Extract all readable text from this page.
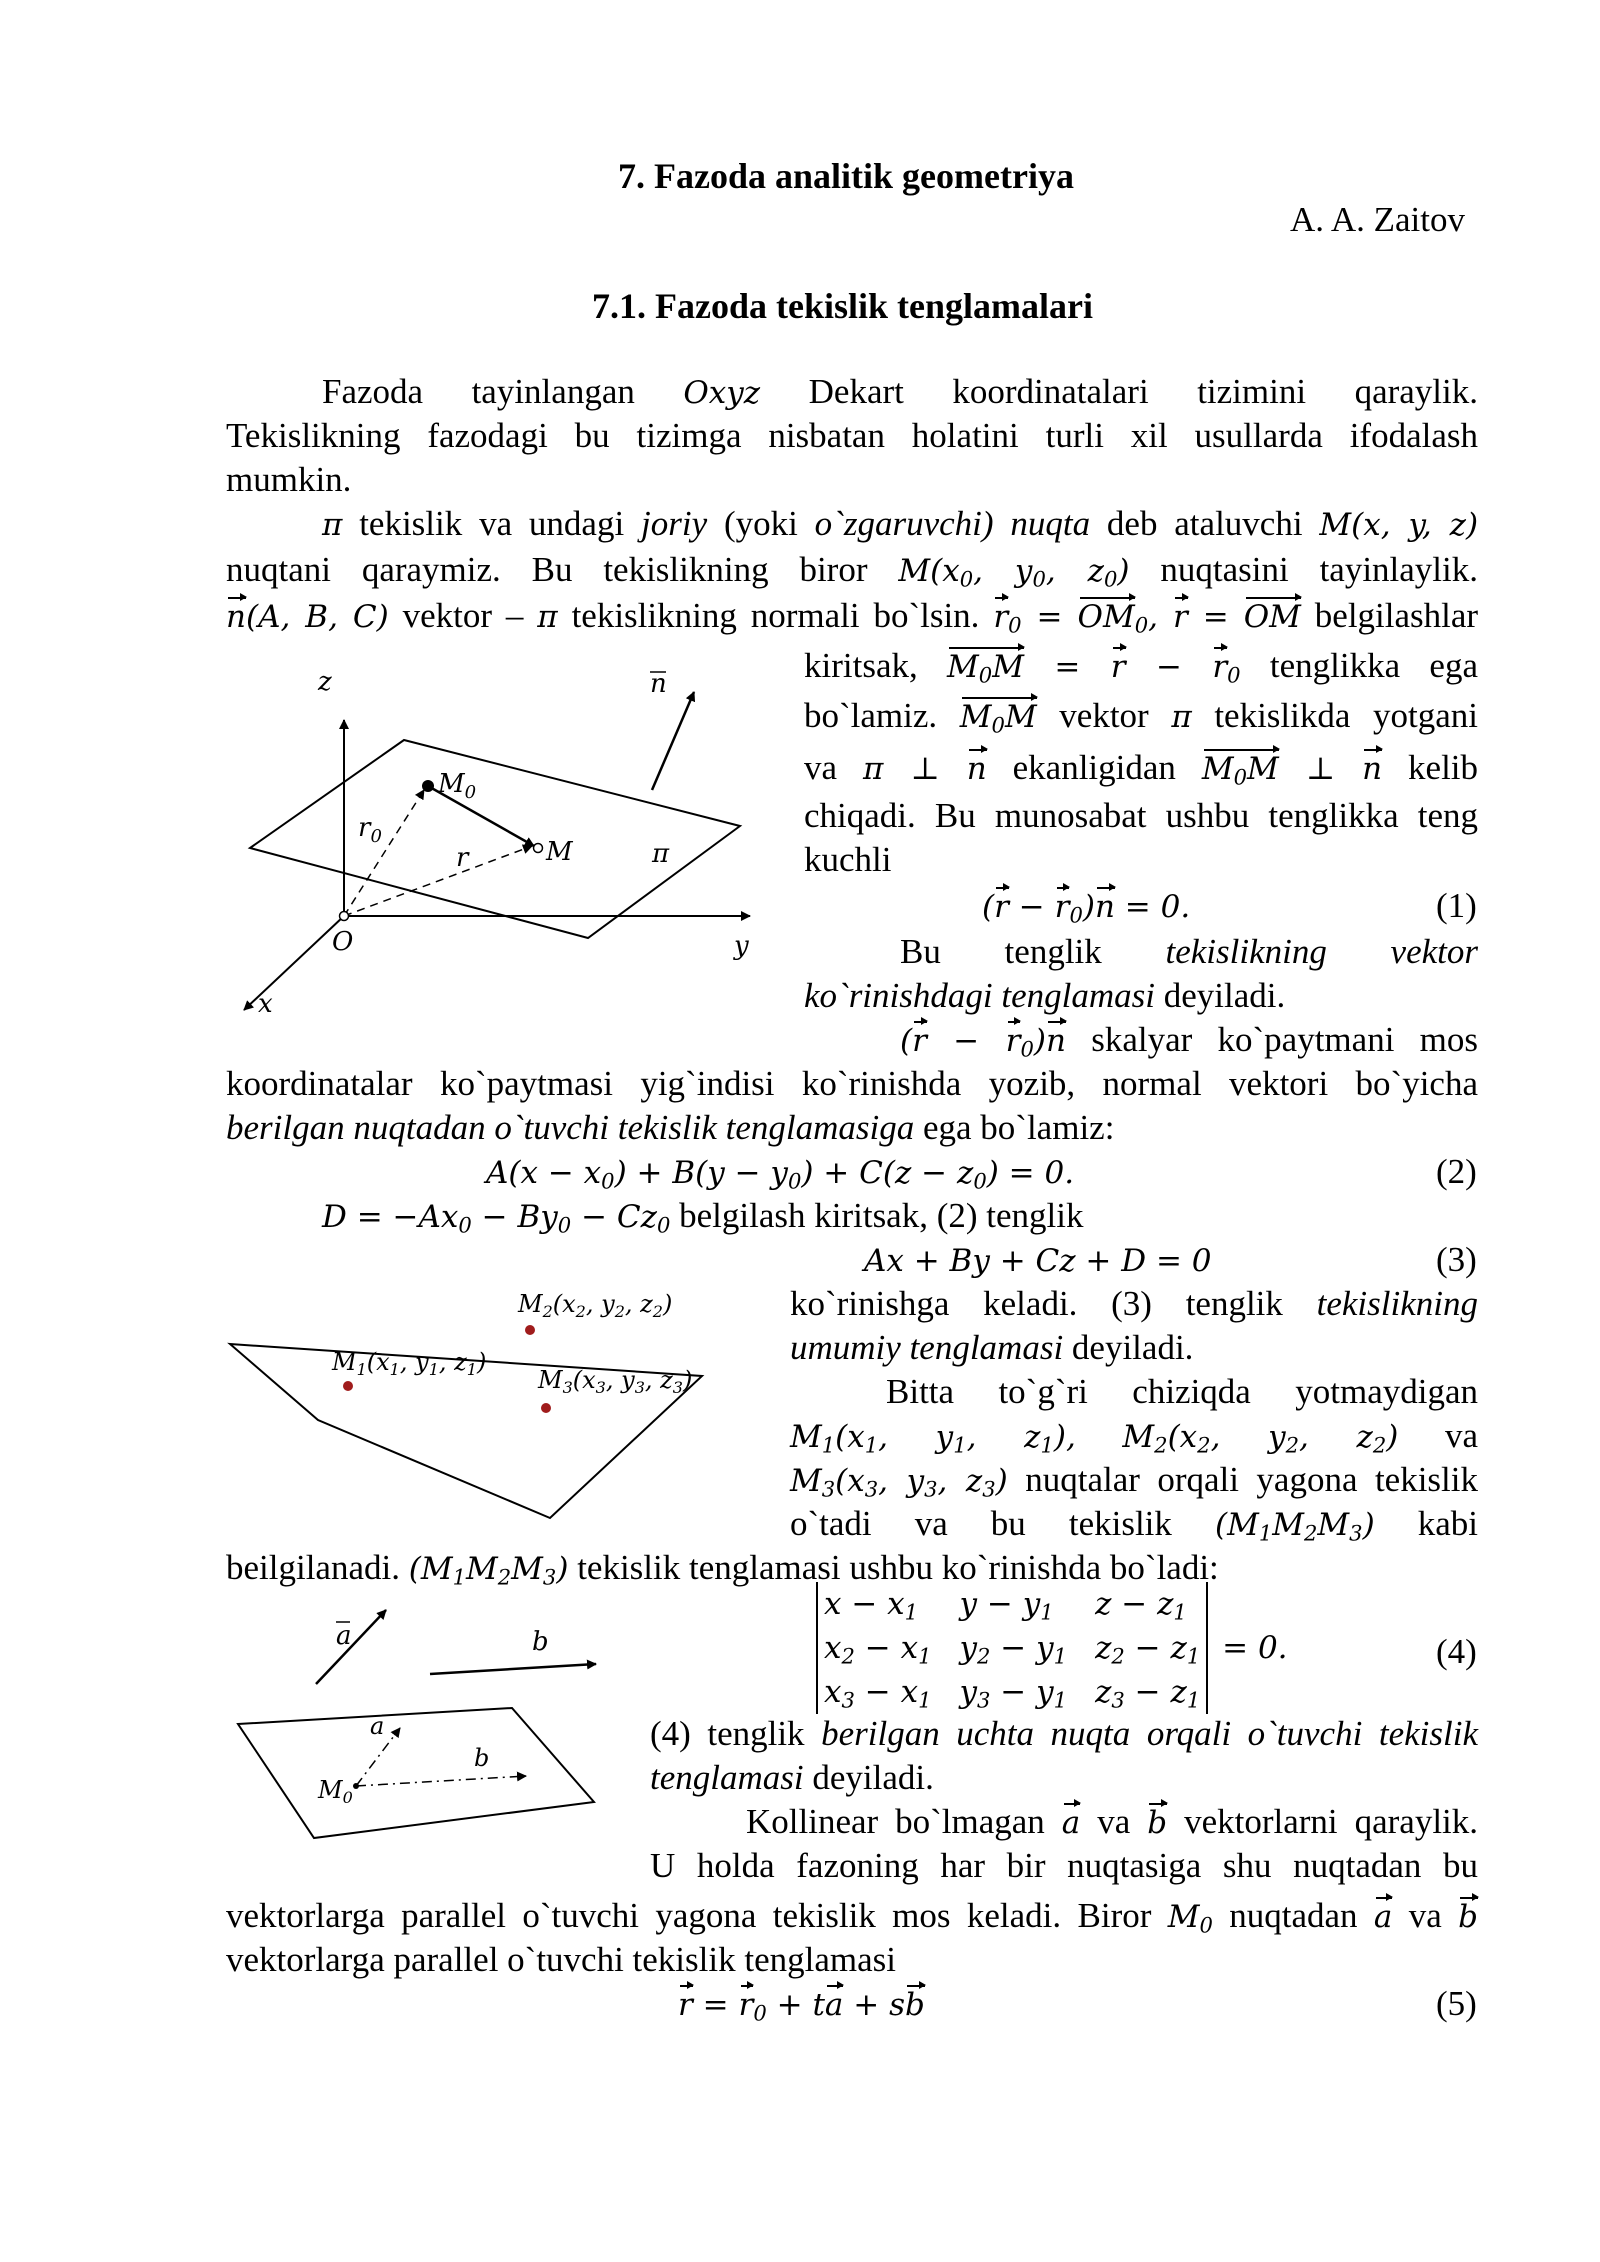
7. Fazoda analitik geometriya
A. A. Zaitov
7.1. Fazoda tekislik tenglamalari
Fazoda tayinlangan Oxyz Dekart koordinatalari tizimini qaraylik.
Tekislikning fazodagi bu tizimga nisbatan holatini turli xil usullarda ifodalash
mumkin.
π tekislik va undagi joriy (yoki o`zgaruvchi) nuqta deb ataluvchi M(x, y, z)
nuqtani qaraymiz. Bu tekislikning biror $M(x_0$, $y_0$, $z_0$) nuqtasini tayinlaylik.
n(A, B, C) vektor – π tekislikning normali bo`lsin. $r_0 = OM_0$, r = OM belgilashlar
kiritsak, $M_0M = r - r_0$ tenglikka ega
bo`lamiz. $M_0M$ vektor π tekislikda yotgani
va π ⊥ n ekanligidan $M_0M$ ⊥ n kelib
chiqadi. Bu munosabat ushbu tenglikka teng
kuchli
$(r - r_0)n = 0$.	(1)
Bu tenglik tekislikning vektor
ko`rinishdagi tenglamasi deyiladi.
$(r - r_0)n$ skalyar ko`paytmani mos
koordinatalar ko`paytmasi yig`indisi ko`rinishda yozib, normal vektori bo`yicha
berilgan nuqtadan o`tuvchi tekislik tenglamasiga ega bo`lamiz:
$A(x - x_0) + B(y - y_0) + C(z - z_0) = 0$.	(2)
$D = -Ax_0 - By_0 - Cz_0$ belgilash kiritsak, (2) tenglik
Ax + By + Cz + D = 0	(3)
ko`rinishga keladi. (3) tenglik tekislikning
umumiy tenglamasi deyiladi.
Bitta to`g`ri chiziqda yotmaydigan
$M_1(x_1$, $y_1$, $z_1$), $M_2(x_2$, $y_2$, $z_2$) va
$M_3(x_3$, $y_3$, $z_3$) nuqtalar orqali yagona tekislik
o`tadi va bu tekislik $(M_1M_2M_3)$ kabi
beilgilanadi. $(M_1M_2M_3)$ tekislik tenglamasi ushbu ko`rinishda bo`ladi:
$x - x_1$	$y - y_1$	$z - z_1$
$x_2 - x_1$	$y_2 - y_1$	$z_2 - z_1$
$x_3 - x_1$	$y_3 - y_1$	$z_3 - z_1$
= 0.	(4)
(4) tenglik berilgan uchta nuqta orqali o`tuvchi tekislik
tenglamasi deyiladi.
Kollinear bo`lmagan a va b vektorlarni qaraylik.
U holda fazoning har bir nuqtasiga shu nuqtadan bu
vektorlarga parallel o`tuvchi yagona tekislik mos keladi. Biror $M_0$ nuqtadan a va b
vektorlarga parallel o`tuvchi tekislik tenglamasi
$r = r_0$ + ta + sb	(5)
z	n
$M_0$
$r_0$
r	M	π
O	y
x
$M_2(x_2$, $y_2$, $z_2$)
$M_1(x_1$, $y_1$, $z_1$)
$M_3(x_3$, $y_3$, $z_3$)
a	b
a
b
$M_0$
